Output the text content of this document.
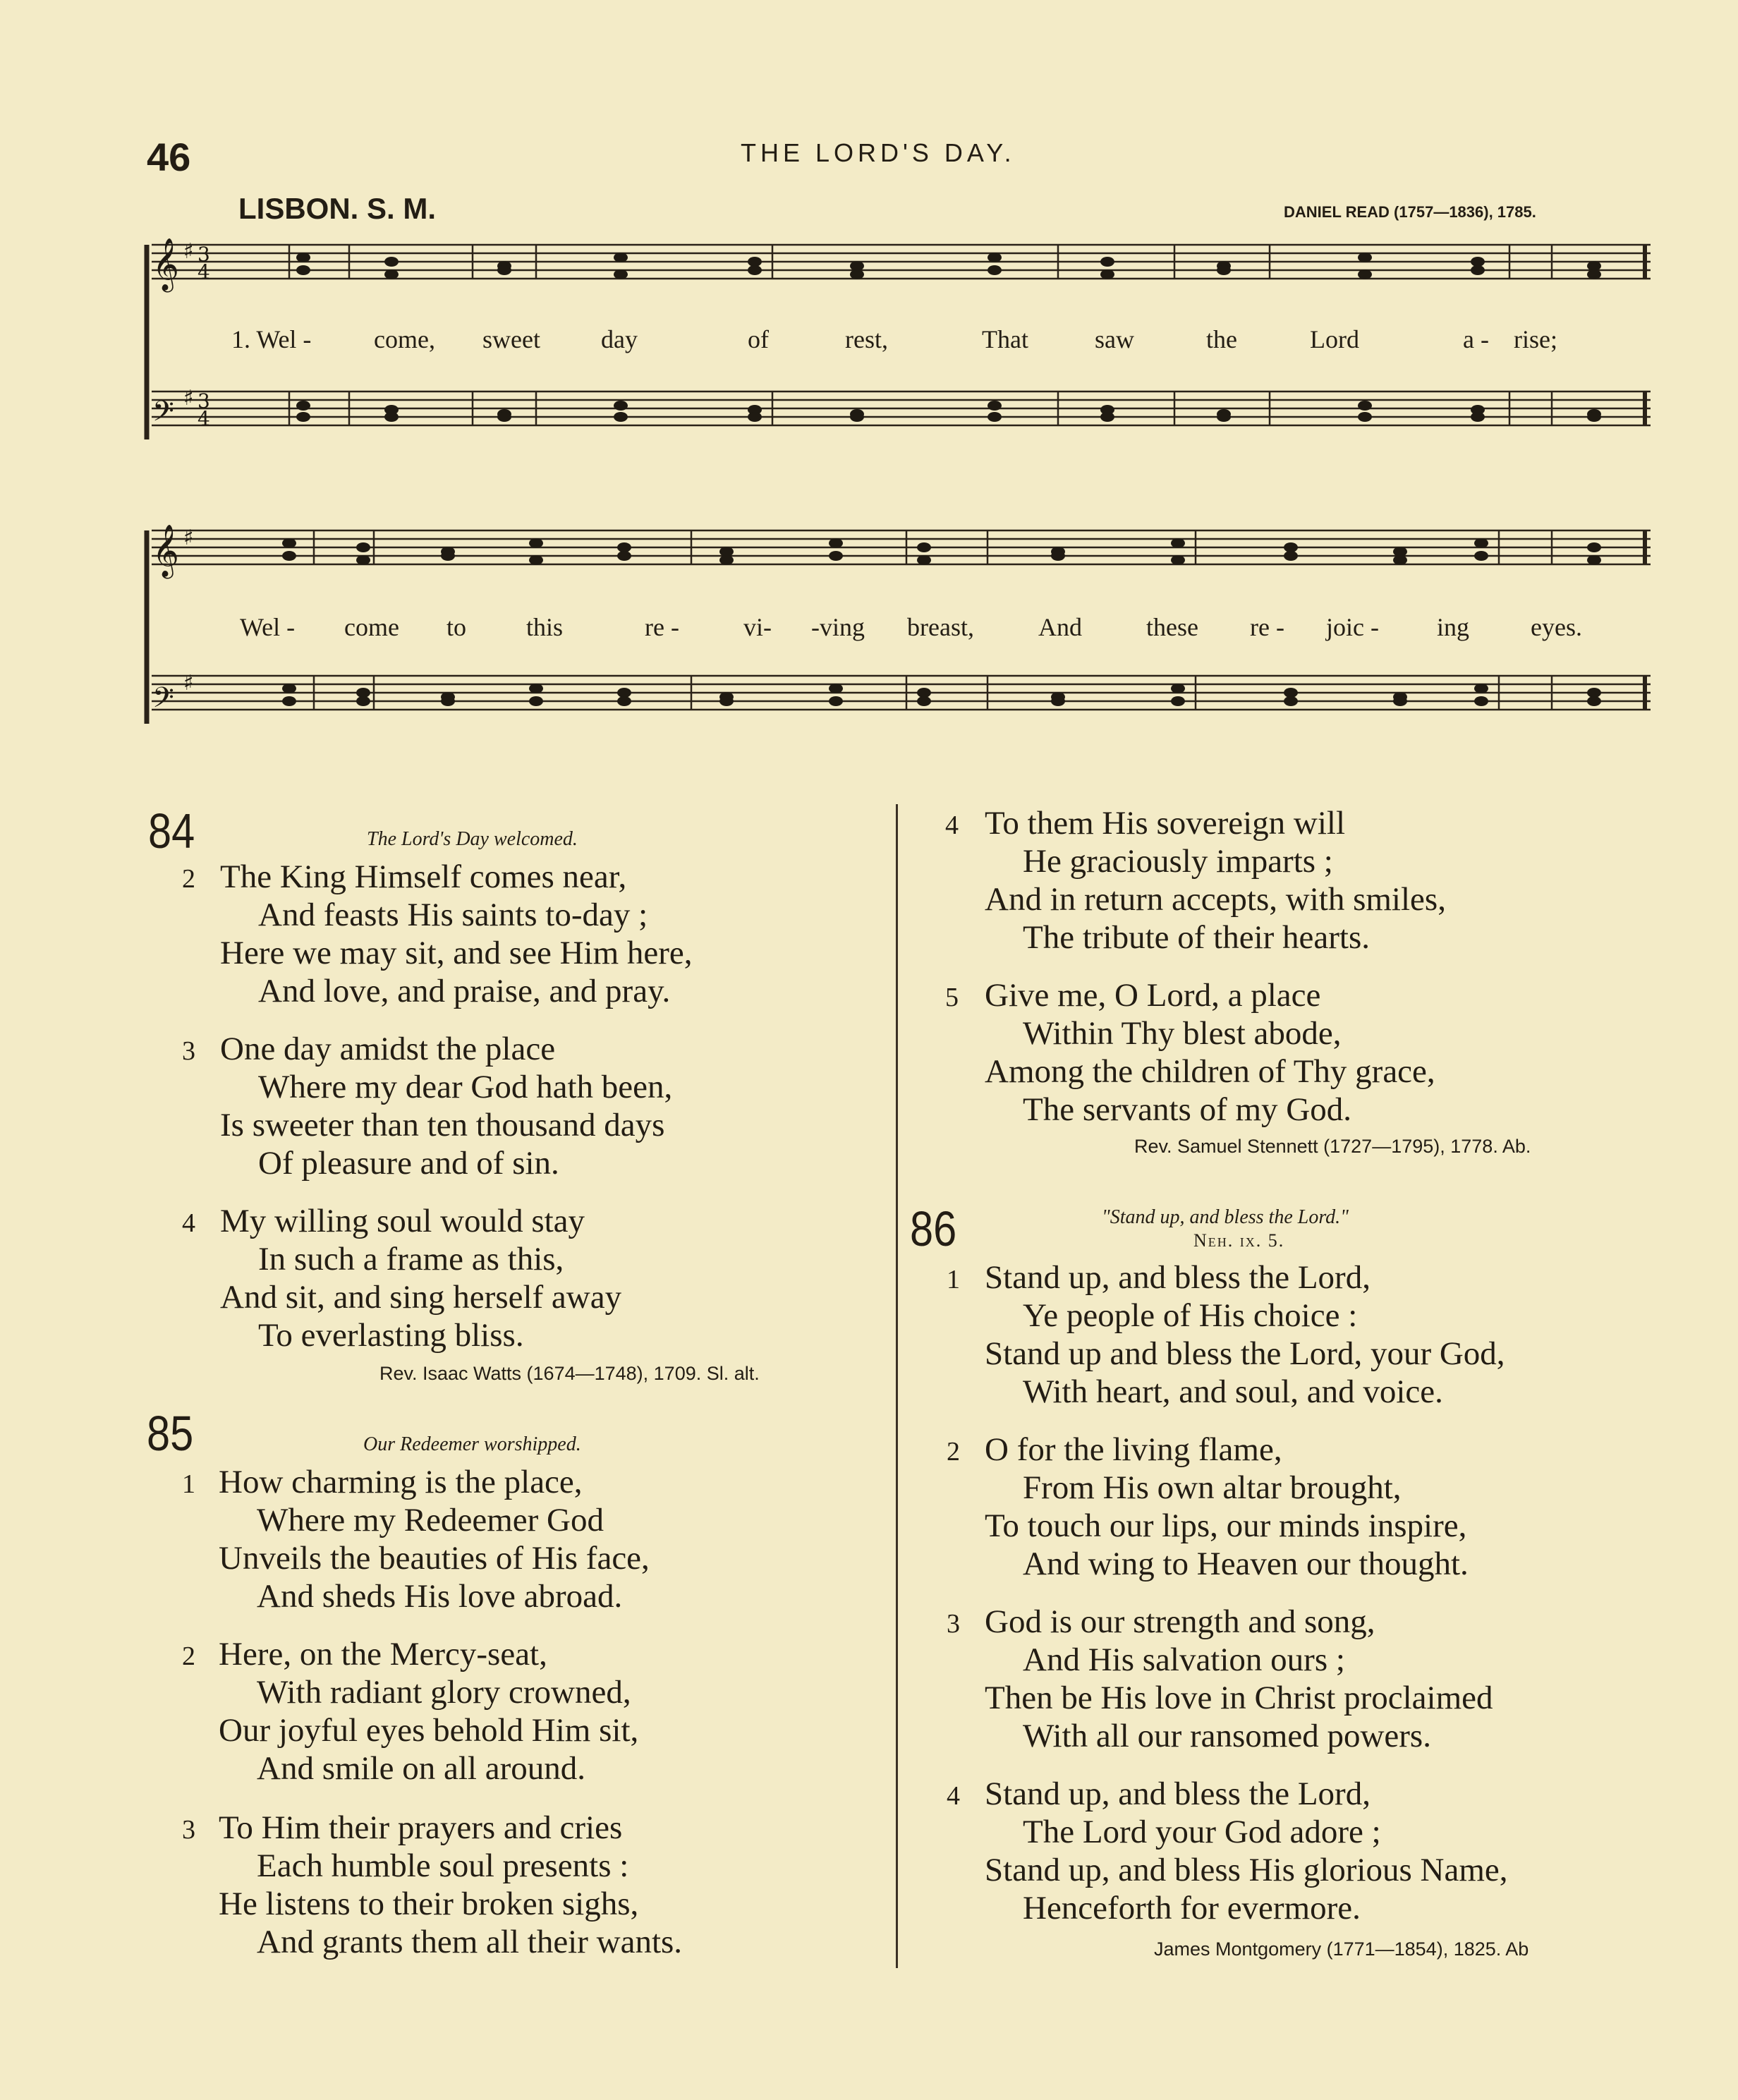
46	THE LORD'S DAY.
LISBON. S. M.	DANIEL READ (1757—1836), 1785.
𝄞
𝄢
𝄞
𝄢
♯
♯
♯
♯
3
4
3
4
1. Wel - come, sweet day	of	rest,	That	saw	the	Lord	a - rise;
Wel - come to this	re -	vi- -ving breast,	And	these re - joic - ing eyes.
84	The Lord's Day welcomed.
2 The King Himself comes near,
And feasts His saints to-day ;
Here we may sit, and see Him here,
And love, and praise, and pray.
3 One day amidst the place
Where my dear God hath been,
Is sweeter than ten thousand days
Of pleasure and of sin.
4 My willing soul would stay
In such a frame as this,
And sit, and sing herself away
To everlasting bliss.
Rev. Isaac Watts (1674—1748), 1709. Sl. alt.
85	Our Redeemer worshipped.
1 How charming is the place,
Where my Redeemer God
Unveils the beauties of His face,
And sheds His love abroad.
2 Here, on the Mercy-seat,
With radiant glory crowned,
Our joyful eyes behold Him sit,
And smile on all around.
3 To Him their prayers and cries
Each humble soul presents :
He listens to their broken sighs,
And grants them all their wants.
4 To them His sovereign will
He graciously imparts ;
And in return accepts, with smiles,
The tribute of their hearts.
5 Give me, O Lord, a place
Within Thy blest abode,
Among the children of Thy grace,
The servants of my God.
Rev. Samuel Stennett (1727—1795), 1778. Ab.
86	"Stand up, and bless the Lord."
Neh. ix. 5.
1 Stand up, and bless the Lord,
Ye people of His choice :
Stand up and bless the Lord, your God,
With heart, and soul, and voice.
2 O for the living flame,
From His own altar brought,
To touch our lips, our minds inspire,
And wing to Heaven our thought.
3 God is our strength and song,
And His salvation ours ;
Then be His love in Christ proclaimed
With all our ransomed powers.
4 Stand up, and bless the Lord,
The Lord your God adore ;
Stand up, and bless His glorious Name,
Henceforth for evermore.
James Montgomery (1771—1854), 1825. Ab
